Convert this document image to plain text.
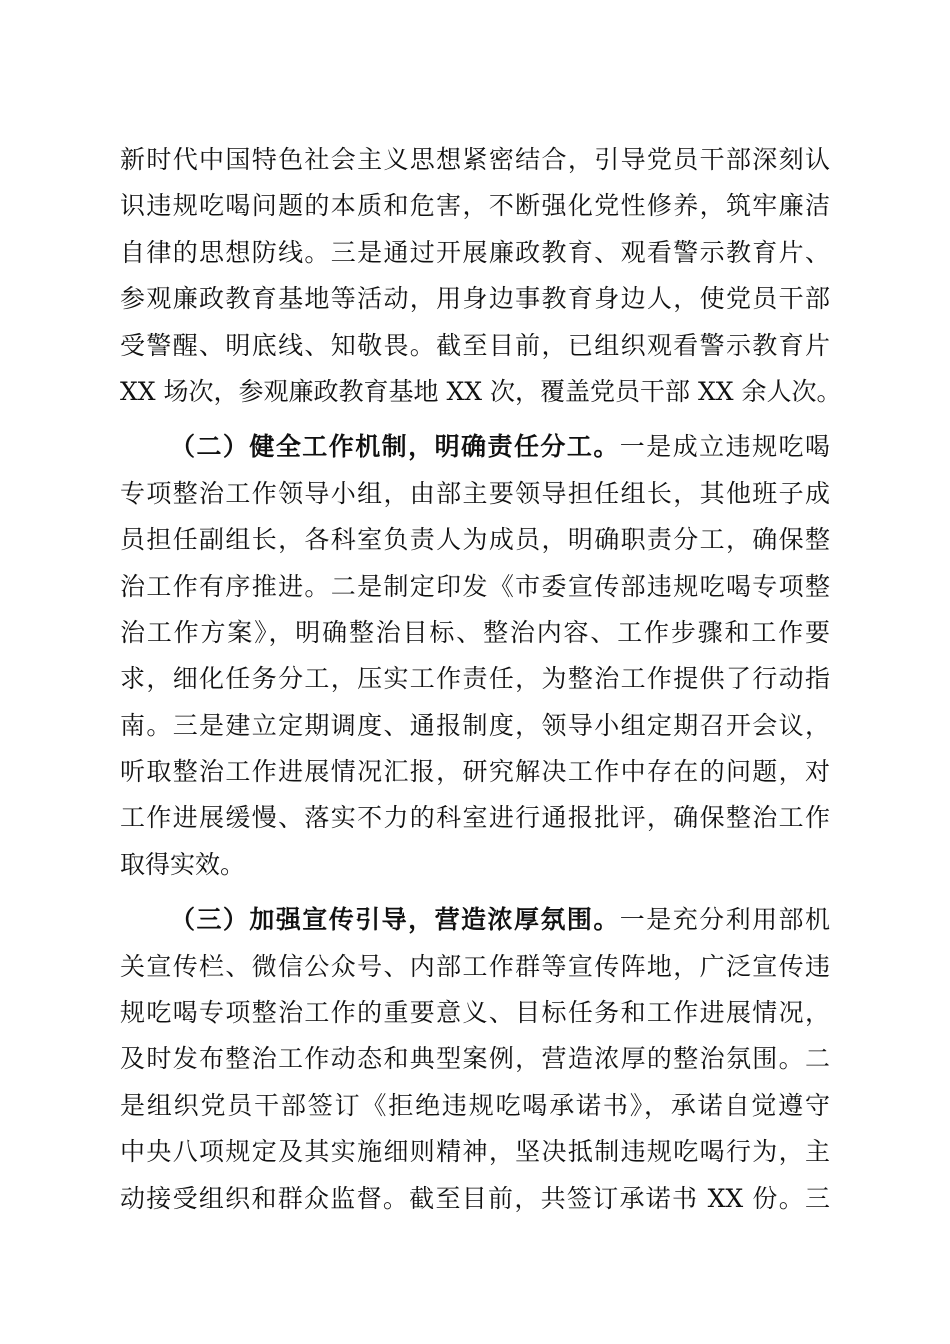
新时代中国特色社会主义思想紧密结合，引导党员干部深刻认
识违规吃喝问题的本质和危害，不断强化党性修养，筑牢廉洁
自律的思想防线。三是通过开展廉政教育、观看警示教育片、
参观廉政教育基地等活动，用身边事教育身边人，使党员干部
受警醒、明底线、知敬畏。截至目前，已组织观看警示教育片
XX 场次，参观廉政教育基地 XX 次，覆盖党员干部 XX 余人次。
（二）健全工作机制，明确责任分工。一是成立违规吃喝
专项整治工作领导小组，由部主要领导担任组长，其他班子成
员担任副组长，各科室负责人为成员，明确职责分工，确保整
治工作有序推进。二是制定印发《市委宣传部违规吃喝专项整
治工作方案》，明确整治目标、整治内容、工作步骤和工作要
求，细化任务分工，压实工作责任，为整治工作提供了行动指
南。三是建立定期调度、通报制度，领导小组定期召开会议，
听取整治工作进展情况汇报，研究解决工作中存在的问题，对
工作进展缓慢、落实不力的科室进行通报批评，确保整治工作
取得实效。
（三）加强宣传引导，营造浓厚氛围。一是充分利用部机
关宣传栏、微信公众号、内部工作群等宣传阵地，广泛宣传违
规吃喝专项整治工作的重要意义、目标任务和工作进展情况，
及时发布整治工作动态和典型案例，营造浓厚的整治氛围。二
是组织党员干部签订《拒绝违规吃喝承诺书》，承诺自觉遵守
中央八项规定及其实施细则精神，坚决抵制违规吃喝行为，主
动接受组织和群众监督。截至目前，共签订承诺书 XX 份。三
